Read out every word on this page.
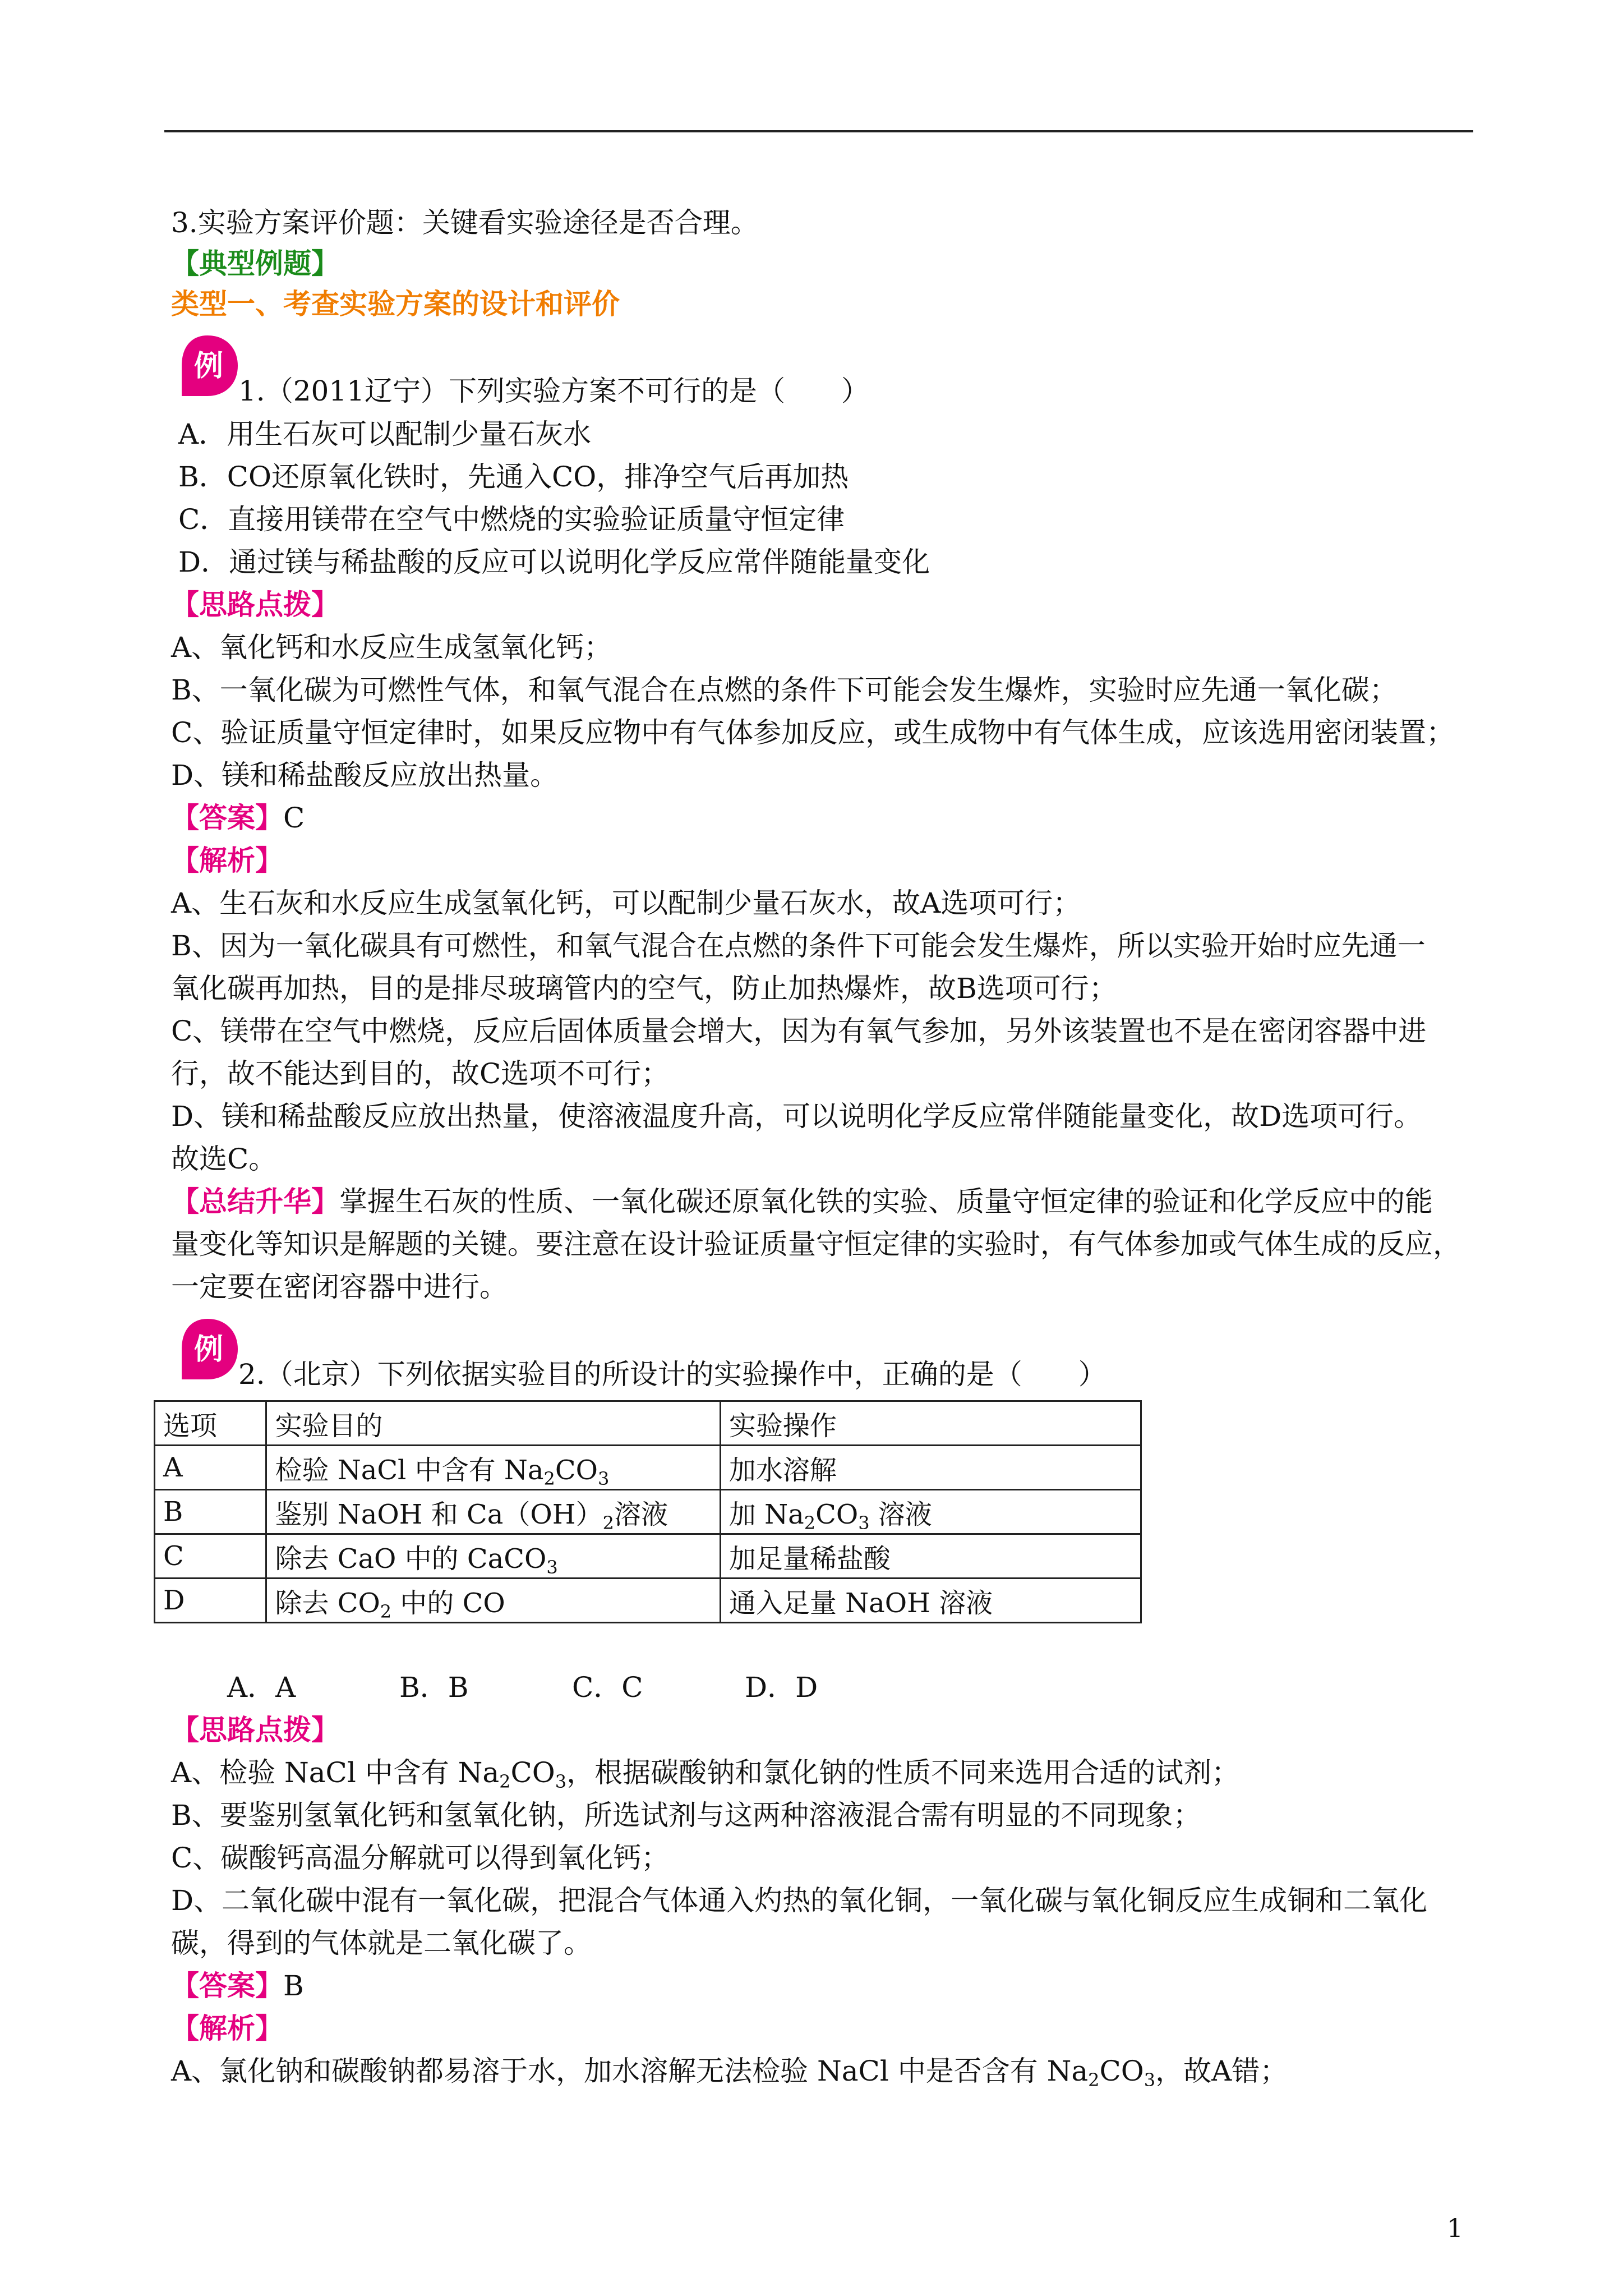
3.实验方案评价题：关键看实验途径是否合理。
【典型例题】
类型一、考查实验方案的设计和评价
例
1.（2011辽宁）下列实验方案不可行的是（　　）
A．用生石灰可以配制少量石灰水
B．CO还原氧化铁时，先通入CO，排净空气后再加热
C．直接用镁带在空气中燃烧的实验验证质量守恒定律
D．通过镁与稀盐酸的反应可以说明化学反应常伴随能量变化
【思路点拨】
A、氧化钙和水反应生成氢氧化钙；
B、一氧化碳为可燃性气体，和氧气混合在点燃的条件下可能会发生爆炸，实验时应先通一氧化碳；
C、验证质量守恒定律时，如果反应物中有气体参加反应，或生成物中有气体生成，应该选用密闭装置；
D、镁和稀盐酸反应放出热量。
【答案】C
【解析】
A、生石灰和水反应生成氢氧化钙，可以配制少量石灰水，故A选项可行；
B、因为一氧化碳具有可燃性，和氧气混合在点燃的条件下可能会发生爆炸，所以实验开始时应先通一
氧化碳再加热，目的是排尽玻璃管内的空气，防止加热爆炸，故B选项可行；
C、镁带在空气中燃烧，反应后固体质量会增大，因为有氧气参加，另外该装置也不是在密闭容器中进
行，故不能达到目的，故C选项不可行；
D、镁和稀盐酸反应放出热量，使溶液温度升高，可以说明化学反应常伴随能量变化，故D选项可行。
故选C。
【总结升华】掌握生石灰的性质、一氧化碳还原氧化铁的实验、质量守恒定律的验证和化学反应中的能
量变化等知识是解题的关键。要注意在设计验证质量守恒定律的实验时，有气体参加或气体生成的反应，
一定要在密闭容器中进行。
例
2.（北京）下列依据实验目的所设计的实验操作中，正确的是（　　）
选项	实验目的	实验操作
A	检验 NaCl 中含有 $Na_2CO_3$	加水溶解
B	鉴别 NaOH 和 $Ca(OH)_2$溶液	加 $Na_2CO_3$ 溶液
C	除去 CaO 中的 CaCO$_3$	加足量稀盐酸
D	除去 $CO_2$ 中的 CO	通入足量 NaOH 溶液
A．A	B．B	C．C	D．D
【思路点拨】
A、检验 NaCl 中含有 $Na_2CO_3$，根据碳酸钠和氯化钠的性质不同来选用合适的试剂；
B、要鉴别氢氧化钙和氢氧化钠，所选试剂与这两种溶液混合需有明显的不同现象；
C、碳酸钙高温分解就可以得到氧化钙；
D、二氧化碳中混有一氧化碳，把混合气体通入灼热的氧化铜，一氧化碳与氧化铜反应生成铜和二氧化
碳，得到的气体就是二氧化碳了。
【答案】B
【解析】
A、氯化钠和碳酸钠都易溶于水，加水溶解无法检验 NaCl 中是否含有 $Na_2CO_3$，故A错；
1
